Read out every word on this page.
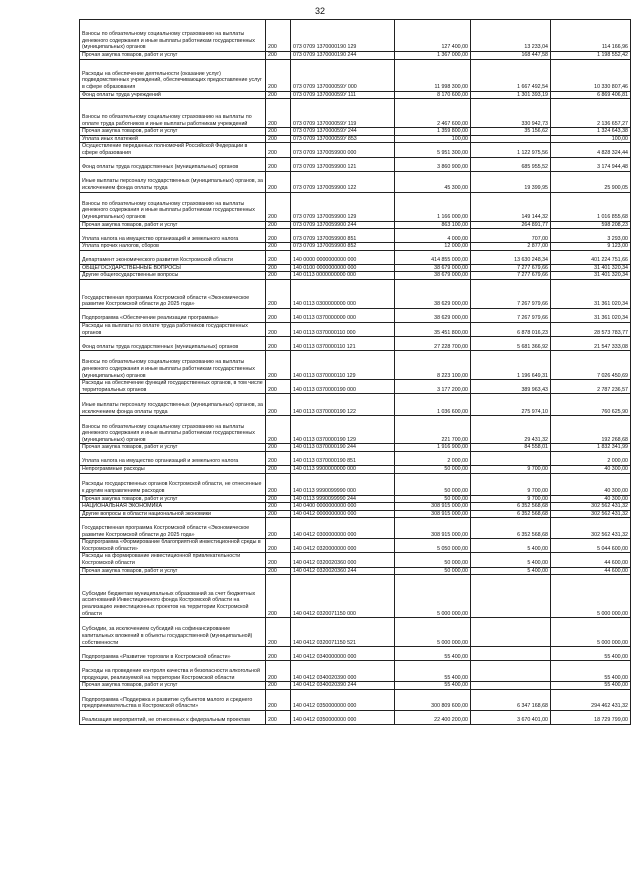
32
Взносы по обязательному социальному страхованию на выплаты денежного содержания и иные выплаты работникам государственных (муниципальных) органов	200	073 0709 1370000190 129	127 400,00	13 233,04	114 166,96
Прочая закупка товаров, работ и услуг	200	073 0709 1370000190 244	1 367 000,00	168 447,58	1 198 552,42
Расходы на обеспечение деятельности (оказание услуг) подведомственных учреждений, обеспечивающих предоставление услуг в сфере образования	200	073 0709 137000059У 000	11 998 300,00	1 667 492,54	10 330 807,46
Фонд оплаты труда учреждений	200	073 0709 137000059У 111	8 170 600,00	1 301 393,19	6 869 406,81
Взносы по обязательному социальному страхованию на выплаты по оплате труда работников и иные выплаты работникам учреждений	200	073 0709 137000059У 119	2 467 600,00	330 942,73	2 136 657,27
Прочая закупка товаров, работ и услуг	200	073 0709 137000059У 244	1 359 800,00	35 156,62	1 324 643,38
Уплата иных платежей	200	073 0709 137000059У 853	100,00		100,00
Осуществление переданных полномочий Российской Федерации в сфере образования	200	073 0709 1370059900 000	5 951 300,00	1 122 975,56	4 828 324,44
Фонд оплаты труда государственных (муниципальных) органов	200	073 0709 1370059900 121	3 860 900,00	685 955,52	3 174 944,48
Иные выплаты персоналу государственных (муниципальных) органов, за исключением фонда оплаты труда	200	073 0709 1370059900 122	45 300,00	19 399,95	25 900,05
Взносы по обязательному социальному страхованию на выплаты денежного содержания и иные выплаты работникам государственных (муниципальных) органов	200	073 0709 1370059900 129	1 166 000,00	149 144,32	1 016 855,68
Прочая закупка товаров, работ и услуг	200	073 0709 1370059900 244	863 100,00	264 891,77	598 208,23
Уплата налога на имущество организаций и земельного налога	200	073 0709 1370059900 851	4 000,00	707,00	3 293,00
Уплата прочих налогов, сборов	200	073 0709 1370059900 852	12 000,00	2 877,00	9 123,00
Департамент экономического развития Костромской области	200	140 0000 0000000000 000	414 855 000,00	13 630 248,34	401 224 751,66
ОБЩЕГОСУДАРСТВЕННЫЕ ВОПРОСЫ	200	140 0100 0000000000 000	38 679 000,00	7 277 679,66	31 401 320,34
Другие общегосударственные вопросы	200	140 0113 0000000000 000	38 679 000,00	7 277 679,66	31 401 320,34
Государственная программа Костромской области «Экономическое развитие Костромской области до 2025 года»	200	140 0113 0300000000 000	38 629 000,00	7 267 979,66	31 361 020,34
Подпрограмма «Обеспечение реализации программы»	200	140 0113 0370000000 000	38 629 000,00	7 267 979,66	31 361 020,34
Расходы на выплаты по оплате труда работников государственных органов	200	140 0113 0370000110 000	35 451 800,00	6 878 016,23	28 573 783,77
Фонд оплаты труда государственных (муниципальных) органов	200	140 0113 0370000110 121	27 228 700,00	5 681 366,92	21 547 333,08
Взносы по обязательному социальному страхованию на выплаты денежного содержания и иные выплаты работникам государственных (муниципальных) органов	200	140 0113 0370000110 129	8 223 100,00	1 196 649,31	7 026 450,69
Расходы на обеспечение функций государственных органов, в том числе территориальных органов	200	140 0113 0370000190 000	3 177 200,00	389 963,43	2 787 236,57
Иные выплаты персоналу государственных (муниципальных) органов, за исключением фонда оплаты труда	200	140 0113 0370000190 122	1 036 600,00	275 974,10	760 625,90
Взносы по обязательному социальному страхованию на выплаты денежного содержания и иные выплаты работникам государственных (муниципальных) органов	200	140 0113 0370000190 129	221 700,00	29 431,32	192 268,68
Прочая закупка товаров, работ и услуг	200	140 0113 0370000190 244	1 916 900,00	84 558,01	1 832 341,99
Уплата налога на имущество организаций и земельного налога	200	140 0113 0370000190 851	2 000,00		2 000,00
Непрограммные расходы	200	140 0113 9900000000 000	50 000,00	9 700,00	40 300,00
Расходы государственных органов Костромской области, не отнесенные к другим направлениям расходов	200	140 0113 9990099990 000	50 000,00	9 700,00	40 300,00
Прочая закупка товаров, работ и услуг	200	140 0113 9990099990 244	50 000,00	9 700,00	40 300,00
НАЦИОНАЛЬНАЯ ЭКОНОМИКА	200	140 0400 0000000000 000	308 915 000,00	6 352 568,68	302 562 431,32
Другие вопросы в области национальной экономики	200	140 0412 0000000000 000	308 915 000,00	6 352 568,68	302 562 431,32
Государственная программа Костромской области «Экономическое развитие Костромской области до 2025 года»	200	140 0412 0300000000 000	308 915 000,00	6 352 568,68	302 562 431,32
Подпрограмма «Формирование благоприятной инвестиционной среды в Костромской области»	200	140 0412 0320000000 000	5 050 000,00	5 400,00	5 044 600,00
Расходы на формирование инвестиционной привлекательности Костромской области	200	140 0412 0320020360 000	50 000,00	5 400,00	44 600,00
Прочая закупка товаров, работ и услуг	200	140 0412 0320020360 244	50 000,00	5 400,00	44 600,00
Субсидии бюджетам муниципальных образований за счет бюджетных ассигнований Инвестиционного фонда Костромской области на реализацию инвестиционных проектов на территории Костромской области	200	140 0412 0320071150 000	5 000 000,00		5 000 000,00
Субсидии, за исключением субсидий на софинансирование капитальных вложений в объекты государственной (муниципальной) собственности	200	140 0412 0320071150 521	5 000 000,00		5 000 000,00
Подпрограмма «Развитие торговли в Костромской области»	200	140 0412 0340000000 000	55 400,00		55 400,00
Расходы на проведение контроля качества и безопасности алкогольной продукции, реализуемой на территории Костромской области	200	140 0412 0340020390 000	55 400,00		55 400,00
Прочая закупка товаров, работ и услуг	200	140 0412 0340020390 244	55 400,00		55 400,00
Подпрограмма «Поддержка и развитие субъектов малого и среднего предпринимательства в Костромской области»	200	140 0412 0350000000 000	300 809 600,00	6 347 168,68	294 462 431,32
Реализация мероприятий, не отнесенных к федеральным проектам	200	140 0412 0350000000 000	22 400 200,00	3 670 401,00	18 729 799,00
